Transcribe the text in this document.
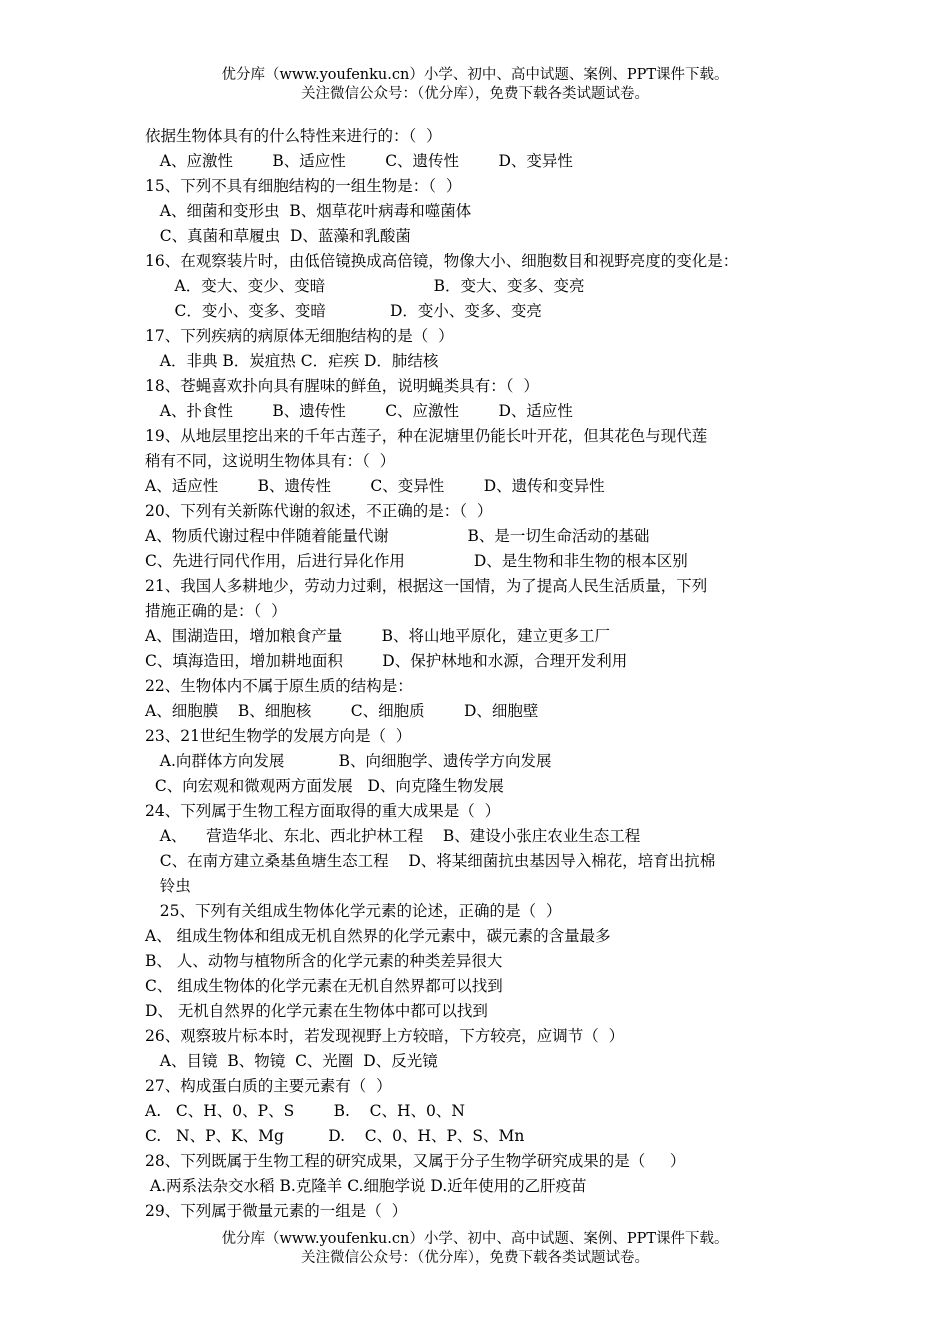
优分库（www.youfenku.cn）小学、初中、高中试题、案例、PPT课件下载。
关注微信公众号：（优分库），免费下载各类试题试卷。
依据生物体具有的什么特性来进行的：（  ）
A、应激性        B、适应性        C、遗传性        D、变异性
15、下列不具有细胞结构的一组生物是：（  ）
A、细菌和变形虫  B、烟草花叶病毒和噬菌体
C、真菌和草履虫  D、蓝藻和乳酸菌
16、在观察装片时，由低倍镜换成高倍镜，物像大小、细胞数目和视野亮度的变化是：
A．变大、变少、变暗                      B．变大、变多、变亮
C．变小、变多、变暗             D．变小、变多、变亮
17、下列疾病的病原体无细胞结构的是（  ）
A．非典 B．炭疽热 C．疟疾 D．肺结核
18、苍蝇喜欢扑向具有腥味的鲜鱼，说明蝇类具有：（  ）
A、扑食性        B、遗传性        C、应激性        D、适应性
19、从地层里挖出来的千年古莲子，种在泥塘里仍能长叶开花，但其花色与现代莲
稍有不同，这说明生物体具有：（  ）
A、适应性        B、遗传性        C、变异性        D、遗传和变异性
20、下列有关新陈代谢的叙述，不正确的是：（  ）
A、物质代谢过程中伴随着能量代谢                B、是一切生命活动的基础
C、先进行同代作用，后进行异化作用              D、是生物和非生物的根本区别
21、我国人多耕地少，劳动力过剩，根据这一国情，为了提高人民生活质量，下列
措施正确的是：（  ）
A、围湖造田，增加粮食产量        B、将山地平原化，建立更多工厂
C、填海造田，增加耕地面积        D、保护林地和水源，合理开发利用
22、生物体内不属于原生质的结构是：
A、细胞膜    B、细胞核        C、细胞质        D、细胞壁
23、21世纪生物学的发展方向是（  ）
A.向群体方向发展           B、向细胞学、遗传学方向发展
C、向宏观和微观两方面发展   D、向克隆生物发展
24、下列属于生物工程方面取得的重大成果是（  ）
A、    营造华北、东北、西北护林工程    B、建设小张庄农业生态工程
C、在南方建立桑基鱼塘生态工程    D、将某细菌抗虫基因导入棉花，培育出抗棉
铃虫
25、下列有关组成生物体化学元素的论述，正确的是（  ）
A、 组成生物体和组成无机自然界的化学元素中，碳元素的含量最多
B、 人、动物与植物所含的化学元素的种类差异很大
C、 组成生物体的化学元素在无机自然界都可以找到
D、 无机自然界的化学元素在生物体中都可以找到
26、观察玻片标本时，若发现视野上方较暗，下方较亮，应调节（  ）
A、目镜  B、物镜  C、光圈  D、反光镜
27、构成蛋白质的主要元素有（  ）
A.   C、H、0、P、S        B.    C、H、0、N
C.   N、P、K、Mg         D.    C、0、H、P、S、Mn
28、下列既属于生物工程的研究成果，又属于分子生物学研究成果的是（     ）
A.两系法杂交水稻 B.克隆羊 C.细胞学说 D.近年使用的乙肝疫苗
29、下列属于微量元素的一组是（  ）
优分库（www.youfenku.cn）小学、初中、高中试题、案例、PPT课件下载。
关注微信公众号：（优分库），免费下载各类试题试卷。
